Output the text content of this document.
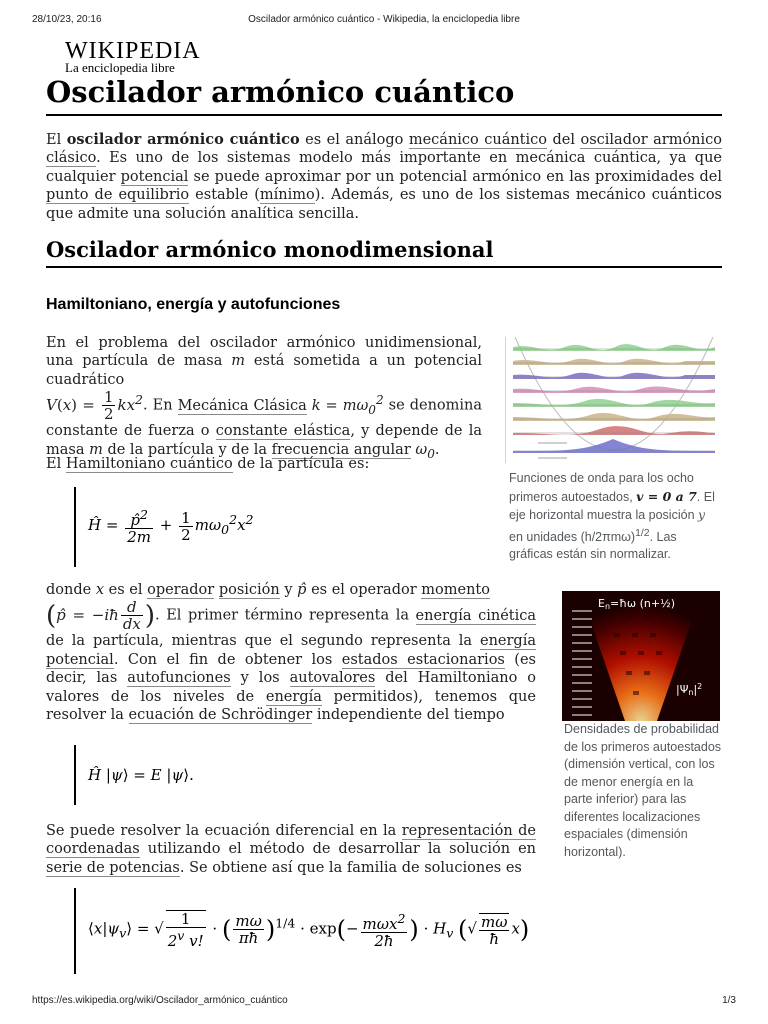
28/10/23, 20:16	Oscilador armónico cuántico - Wikipedia, la enciclopedia libre
WIKIPEDIA
La enciclopedia libre
Oscilador armónico cuántico

El oscilador armónico cuántico es el análogo mecánico cuántico del oscilador armónico clásico. Es uno de los sistemas modelo más importante en mecánica cuántica, ya que cualquier potencial se puede aproximar por un potencial armónico en las proximidades del punto de equilibrio estable (mínimo). Además, es uno de los sistemas mecánico cuánticos que admite una solución analítica sencilla.

Oscilador armónico monodimensional
Hamiltoniano, energía y autofunciones
En el problema del oscilador armónico unidimensional, una partícula de masa m está sometida a un potencial cuadrático
$V(x) = \frac{1}{2} kx^2$. En Mecánica Clásica $k = m\omega_0^2$ se denomina constante de fuerza o constante elástica, y depende de la masa m de la partícula y de la frecuencia angular $\omega_0$.
El Hamiltoniano cuántico de la partícula es:
Ĥ = $\frac{p̂^2}{2m} + \frac{1}{2} m\omega_0^2x^2$
donde x es el operador posición y p̂ es el operador momento
(p̂ = −iħ $\frac{d}{dx}$ ). El primer término representa la energía cinética de la partícula, mientras que el segundo representa la energía potencial. Con el fin de obtener los estados estacionarios (es decir, las autofunciones y los autovalores del Hamiltoniano o valores de los niveles de energía permitidos), tenemos que resolver la ecuación de Schrödinger independiente del tiempo
Ĥ |ψ⟩ = E |ψ⟩.
Se puede resolver la ecuación diferencial en la representación de coordenadas utilizando el método de desarrollar la solución en serie de potencias. Se obtiene así que la familia de soluciones es
$⟨x|\psi_v⟩$ = √ $\frac{1}{2^v v!}$ · ( $\frac{m\omega}{\pi ħ} )^{1/4} \cdot \exp(- \frac{m\omega x^2}{2ħ}$ ) · $H_v$ (√ $\frac{m\omega}{ħ} x$)
Funciones de onda para los ocho primeros autoestados, v = 0 a 7. El eje horizontal muestra la posición y en unidades $(h/2\pi m\omega)^{1/2}$. Las gráficas están sin normalizar.
En=ħω (n+½)
$|\Psi n|^2$
Densidades de probabilidad de los primeros autoestados (dimensión vertical, con los de menor energía en la parte inferior) para las diferentes localizaciones espaciales (dimensión horizontal).
https://es.wikipedia.org/wiki/Oscilador_armónico_cuántico	1/3
